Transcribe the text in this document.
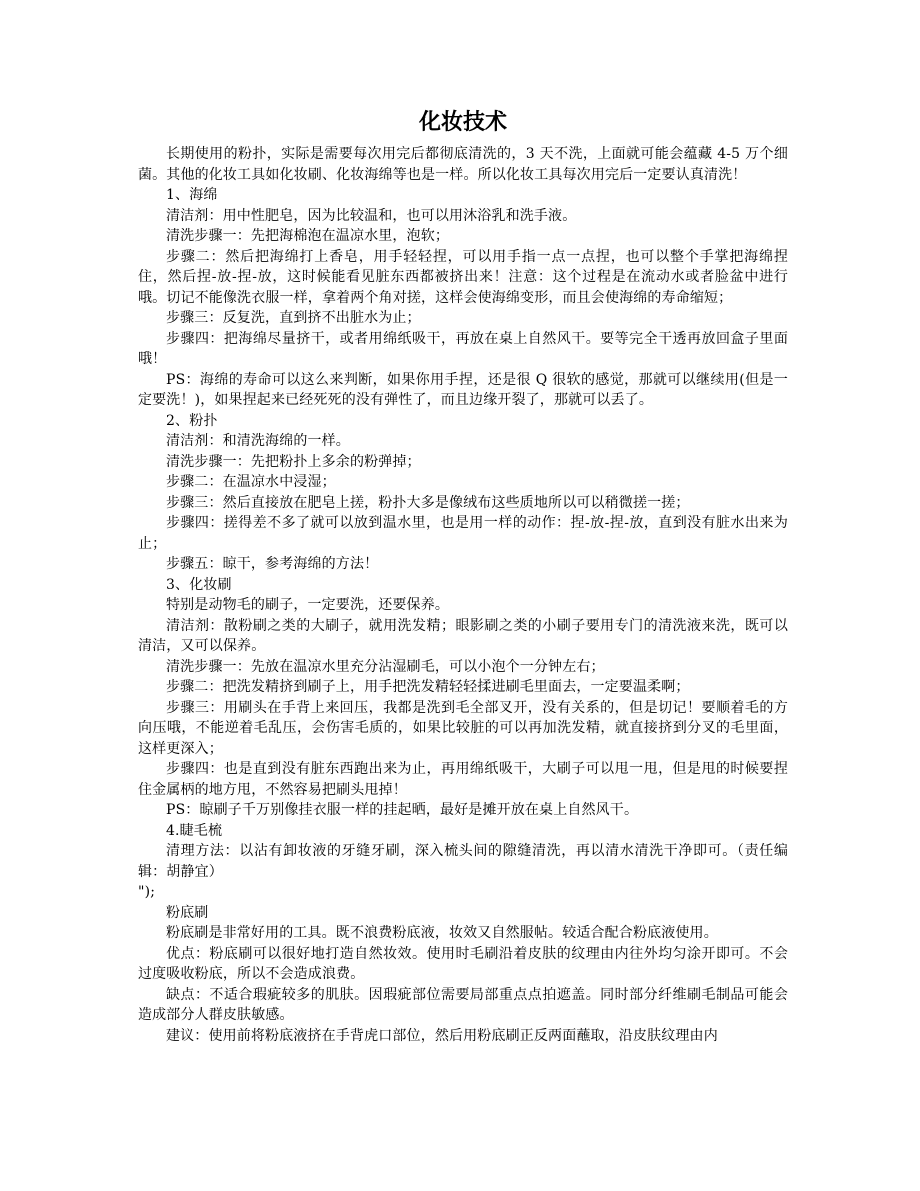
化妆技术

长期使用的粉扑，实际是需要每次用完后都彻底清洗的，3 天不洗，上面就可能会蕴藏 4-5 万个细菌。其他的化妆工具如化妆刷、化妆海绵等也是一样。所以化妆工具每次用完后一定要认真清洗！

1、海绵

清洁剂：用中性肥皂，因为比较温和，也可以用沐浴乳和洗手液。

清洗步骤一：先把海棉泡在温凉水里，泡软；

步骤二：然后把海绵打上香皂，用手轻轻捏，可以用手指一点一点捏，也可以整个手掌把海绵捏住，然后捏-放-捏-放，这时候能看见脏东西都被挤出来！注意：这个过程是在流动水或者脸盆中进行哦。切记不能像洗衣服一样，拿着两个角对搓，这样会使海绵变形，而且会使海绵的寿命缩短；

步骤三：反复洗，直到挤不出脏水为止；

步骤四：把海绵尽量挤干，或者用绵纸吸干，再放在桌上自然风干。要等完全干透再放回盒子里面哦！

PS：海绵的寿命可以这么来判断，如果你用手捏，还是很 Q 很软的感觉，那就可以继续用(但是一定要洗！)，如果捏起来已经死死的没有弹性了，而且边缘开裂了，那就可以丢了。

2、粉扑

清洁剂：和清洗海绵的一样。

清洗步骤一：先把粉扑上多余的粉弹掉；

步骤二：在温凉水中浸湿；

步骤三：然后直接放在肥皂上搓，粉扑大多是像绒布这些质地所以可以稍微搓一搓；

步骤四：搓得差不多了就可以放到温水里，也是用一样的动作：捏-放-捏-放，直到没有脏水出来为止；

步骤五：晾干，参考海绵的方法！

3、化妆刷

特别是动物毛的刷子，一定要洗，还要保养。

清洁剂：散粉刷之类的大刷子，就用洗发精；眼影刷之类的小刷子要用专门的清洗液来洗，既可以清洁，又可以保养。

清洗步骤一：先放在温凉水里充分沾湿刷毛，可以小泡个一分钟左右；

步骤二：把洗发精挤到刷子上，用手把洗发精轻轻揉进刷毛里面去，一定要温柔啊；

步骤三：用刷头在手背上来回压，我都是洗到毛全部叉开，没有关系的，但是切记！要顺着毛的方向压哦，不能逆着毛乱压，会伤害毛质的，如果比较脏的可以再加洗发精，就直接挤到分叉的毛里面，这样更深入；

步骤四：也是直到没有脏东西跑出来为止，再用绵纸吸干，大刷子可以甩一甩，但是甩的时候要捏住金属柄的地方甩，不然容易把刷头甩掉！

PS：晾刷子千万别像挂衣服一样的挂起晒，最好是摊开放在桌上自然风干。

4.睫毛梳

清理方法：以沾有卸妆液的牙缝牙刷，深入梳头间的隙缝清洗，再以清水清洗干净即可。（责任编辑：胡静宜）

");

粉底刷

粉底刷是非常好用的工具。既不浪费粉底液，妆效又自然服帖。较适合配合粉底液使用。

优点：粉底刷可以很好地打造自然妆效。使用时毛刷沿着皮肤的纹理由内往外均匀涂开即可。不会过度吸收粉底，所以不会造成浪费。

缺点：不适合瑕疵较多的肌肤。因瑕疵部位需要局部重点点拍遮盖。同时部分纤维刷毛制品可能会造成部分人群皮肤敏感。

建议：使用前将粉底液挤在手背虎口部位，然后用粉底刷正反两面蘸取，沿皮肤纹理由内
